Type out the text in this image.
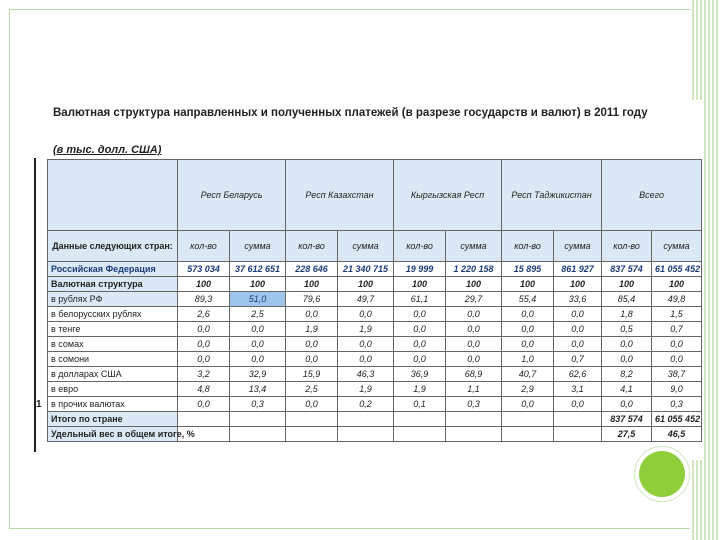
Валютная структура направленных и полученных платежей (в разрезе государств и валют) в 2011 году
(в тыс. долл. США)
1
	Респ Беларусь		Респ Казахстан		Кыргызская Респ		Респ Таджикистан		Всего	
Данные следующих стран:	кол-во	сумма	кол-во	сумма	кол-во	сумма	кол-во	сумма	кол-во	сумма
Российская Федерация	573 034	37 612 651	228 646	21 340 715	19 999	1 220 158	15 895	861 927	837 574	61 055 452
Валютная структура	100	100	100	100	100	100	100	100	100	100
в рублях РФ	89,3	51,0	79,6	49,7	61,1	29,7	55,4	33,6	85,4	49,8
в белорусских рублях	2,6	2,5	0,0	0,0	0,0	0,0	0,0	0,0	1,8	1,5
в тенге	0,0	0,0	1,9	1,9	0,0	0,0	0,0	0,0	0,5	0,7
в сомах	0,0	0,0	0,0	0,0	0,0	0,0	0,0	0,0	0,0	0,0
в сомони	0,0	0,0	0,0	0,0	0,0	0,0	1,0	0,7	0,0	0,0
в долларах США	3,2	32,9	15,9	46,3	36,9	68,9	40,7	62,6	8,2	38,7
в евро	4,8	13,4	2,5	1,9	1,9	1,1	2,9	3,1	4,1	9,0
в прочих валютах	0,0	0,3	0,0	0,2	0,1	0,3	0,0	0,0	0,0	0,3
Итого по стране									837 574	61 055 452
Удельный вес в общем итоге, %									27,5	46,5
